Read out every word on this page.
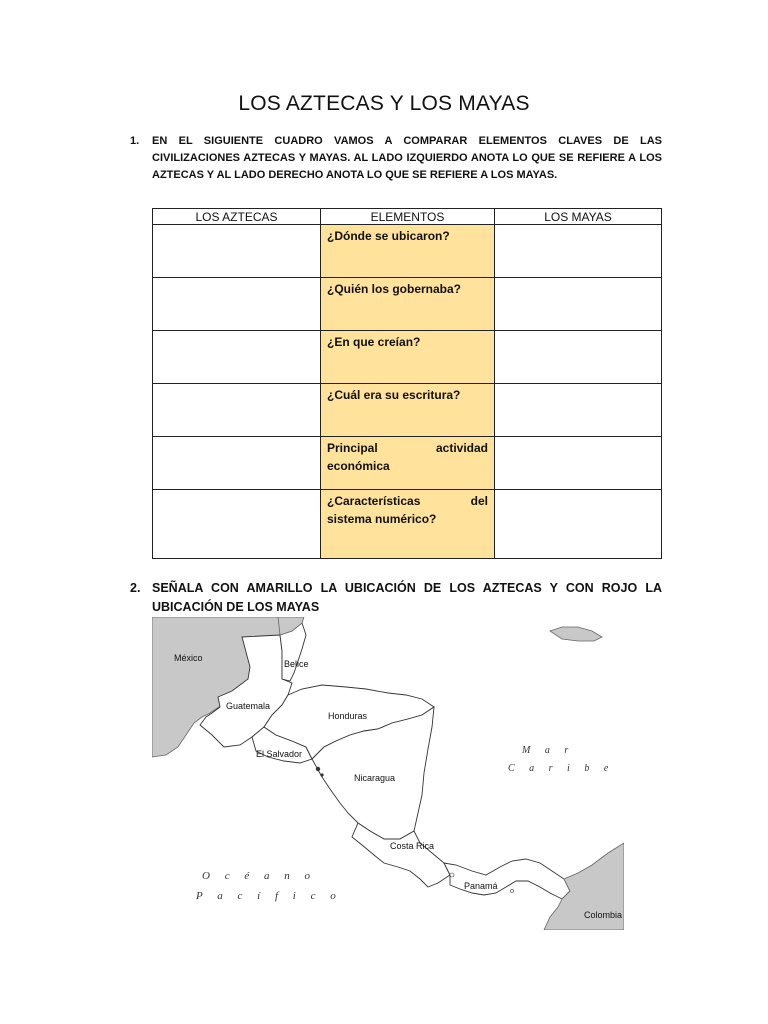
LOS AZTECAS Y LOS MAYAS
1. EN EL SIGUIENTE CUADRO VAMOS A COMPARAR ELEMENTOS CLAVES DE LAS CIVILIZACIONES AZTECAS Y MAYAS. AL LADO IZQUIERDO ANOTA LO QUE SE REFIERE A LOS AZTECAS Y AL LADO DERECHO ANOTA LO QUE SE REFIERE A LOS MAYAS.
LOS AZTECAS	ELEMENTOS	LOS MAYAS
	¿Dónde se ubicaron?	
	¿Quién los gobernaba?	
	¿En que creían?	
	¿Cuál era su escritura?	
	Principal actividad económica	
	¿Características del sistema numérico?	
2. SEÑALA CON AMARILLO LA UBICACIÓN DE LOS AZTECAS Y CON ROJO LA UBICACIÓN DE LOS MAYAS
México
Belice
Guatemala
Honduras
El Salvador
Nicaragua
Costa Rica
Panamá
Colombia
M a r
C a r i b e
O c é a n o
P a c í f i c o
